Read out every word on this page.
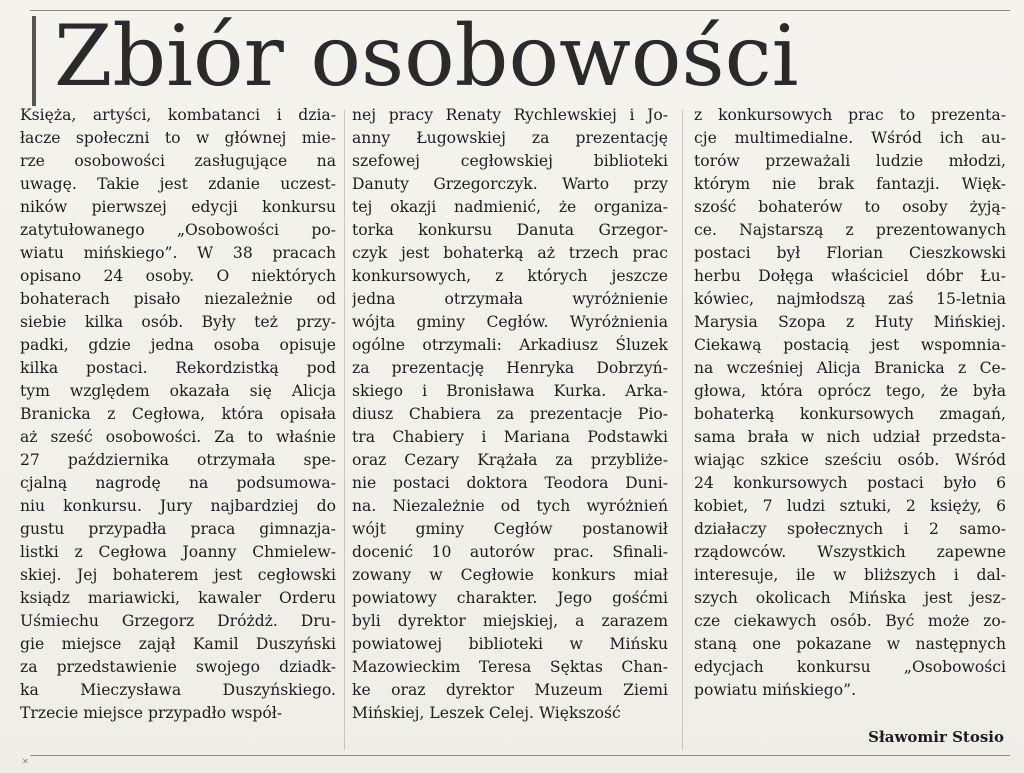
Zbiór osobowości
Księża, artyści, kombatanci i dzia-
łacze społeczni to w głównej mie-
rze osobowości zasługujące na
uwagę. Takie jest zdanie uczest-
ników pierwszej edycji konkursu
zatytułowanego „Osobowości po-
wiatu mińskiego”. W 38 pracach
opisano 24 osoby. O niektórych
bohaterach pisało niezależnie od
siebie kilka osób. Były też przy-
padki, gdzie jedna osoba opisuje
kilka postaci. Rekordzistką pod
tym względem okazała się Alicja
Branicka z Cegłowa, która opisała
aż sześć osobowości. Za to właśnie
27 października otrzymała spe-
cjalną nagrodę na podsumowa-
niu konkursu. Jury najbardziej do
gustu przypadła praca gimnazja-
listki z Cegłowa Joanny Chmielew-
skiej. Jej bohaterem jest cegłowski
ksiądz mariawicki, kawaler Orderu
Uśmiechu Grzegorz Dróżdż. Dru-
gie miejsce zajął Kamil Duszyński
za przedstawienie swojego dziadk-
ka Mieczysława Duszyńskiego.
Trzecie miejsce przypadło współ-
nej pracy Renaty Rychlewskiej i Jo-
anny Ługowskiej za prezentację
szefowej cegłowskiej biblioteki
Danuty Grzegorczyk. Warto przy
tej okazji nadmienić, że organiza-
torka konkursu Danuta Grzegor-
czyk jest bohaterką aż trzech prac
konkursowych, z których jeszcze
jedna otrzymała wyróżnienie
wójta gminy Cegłów. Wyróżnienia
ogólne otrzymali: Arkadiusz Śluzek
za prezentację Henryka Dobrzyń-
skiego i Bronisława Kurka. Arka-
diusz Chabiera za prezentacje Pio-
tra Chabiery i Mariana Podstawki
oraz Cezary Krążała za przybliże-
nie postaci doktora Teodora Duni-
na. Niezależnie od tych wyróżnień
wójt gminy Cegłów postanowił
docenić 10 autorów prac. Sfinali-
zowany w Cegłowie konkurs miał
powiatowy charakter. Jego gośćmi
byli dyrektor miejskiej, a zarazem
powiatowej biblioteki w Mińsku
Mazowieckim Teresa Sęktas Chan-
ke oraz dyrektor Muzeum Ziemi
Mińskiej, Leszek Celej. Większość
z konkursowych prac to prezenta-
cje multimedialne. Wśród ich au-
torów przeważali ludzie młodzi,
którym nie brak fantazji. Więk-
szość bohaterów to osoby żyją-
ce. Najstarszą z prezentowanych
postaci był Florian Cieszkowski
herbu Dołęga właściciel dóbr Łu-
kówiec, najmłodszą zaś 15-letnia
Marysia Szopa z Huty Mińskiej.
Ciekawą postacią jest wspomnia-
na wcześniej Alicja Branicka z Ce-
głowa, która oprócz tego, że była
bohaterką konkursowych zmagań,
sama brała w nich udział przedsta-
wiając szkice sześciu osób. Wśród
24 konkursowych postaci było 6
kobiet, 7 ludzi sztuki, 2 księży, 6
działaczy społecznych i 2 samo-
rządowców. Wszystkich zapewne
interesuje, ile w bliższych i dal-
szych okolicach Mińska jest jesz-
cze ciekawych osób. Być może zo-
staną one pokazane w następnych
edycjach konkursu „Osobowości
powiatu mińskiego”.
Sławomir Stosio
✕
